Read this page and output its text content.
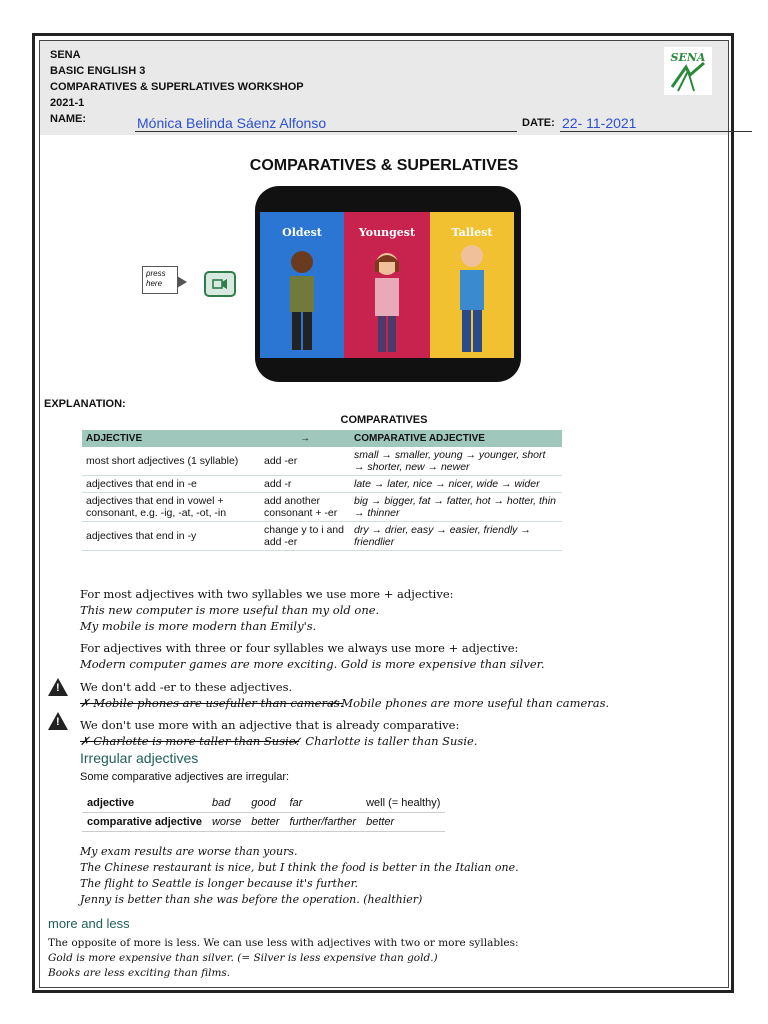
SENA
BASIC ENGLISH 3
COMPARATIVES & SUPERLATIVES WORKSHOP
2021-1
NAME:	Mónica Belinda Sáenz Alfonso	DATE: 22- 11-2021
SENA
COMPARATIVES & SUPERLATIVES
press here
Oldest	Youngest	Tallest
EXPLANATION:
COMPARATIVES
ADJECTIVE	→	COMPARATIVE ADJECTIVE
most short adjectives (1 syllable)	add -er	small → smaller, young → younger, short → shorter, new → newer
adjectives that end in -e	add -r	late → later, nice → nicer, wide → wider
adjectives that end in vowel + consonant, e.g. -ig, -at, -ot, -in	add another consonant + -er	big → bigger, fat → fatter, hot → hotter, thin → thinner
adjectives that end in -y	change y to i and add -er	dry → drier, easy → easier, friendly → friendlier
For most adjectives with two syllables we use more + adjective:
This new computer is more useful than my old one.
My mobile is more modern than Emily's.
For adjectives with three or four syllables we always use more + adjective:
Modern computer games are more exciting. Gold is more expensive than silver.
! We don't add -er to these adjectives.
✗ Mobile phones are usefuller than cameras.
✓ Mobile phones are more useful than cameras.
! We don't use more with an adjective that is already comparative:
✗ Charlotte is more taller than Susie.
✓ Charlotte is taller than Susie.
Irregular adjectives
Some comparative adjectives are irregular:
adjective	bad	good	far	well (= healthy)
comparative adjective	worse	better	further/farther	better
My exam results are worse than yours.
The Chinese restaurant is nice, but I think the food is better in the Italian one.
The flight to Seattle is longer because it's further.
Jenny is better than she was before the operation. (healthier)
more and less
The opposite of more is less. We can use less with adjectives with two or more syllables:
Gold is more expensive than silver. (= Silver is less expensive than gold.)
Books are less exciting than films.
